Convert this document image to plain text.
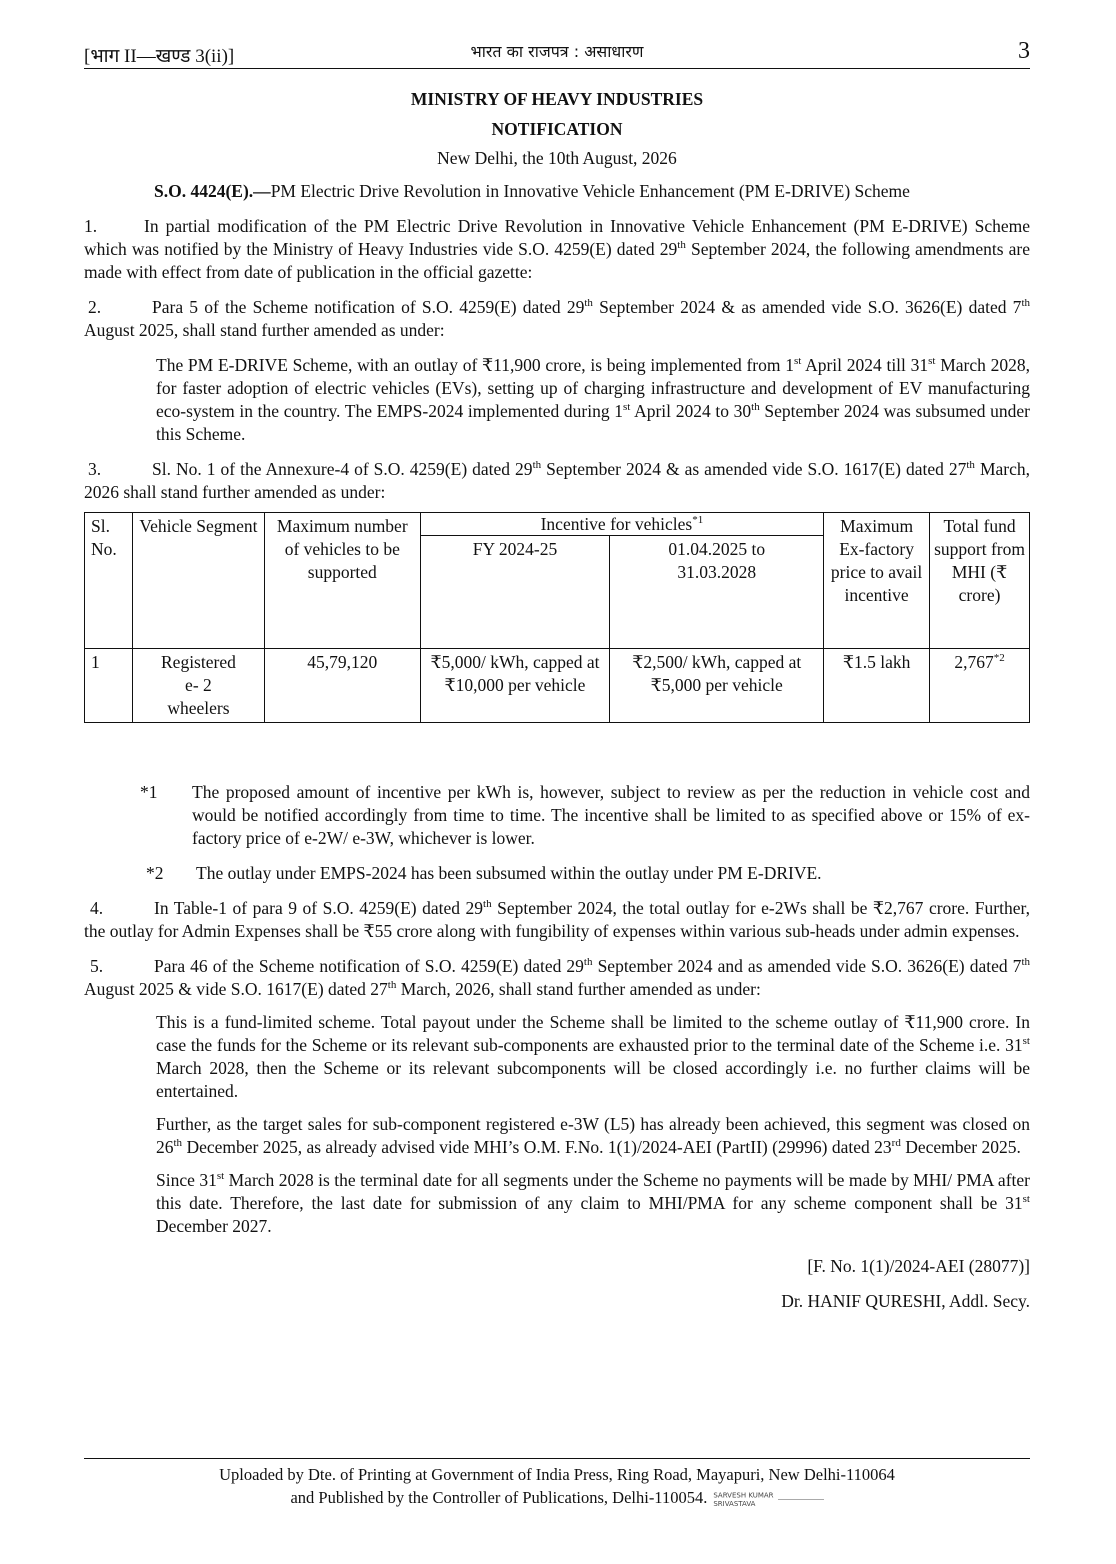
[भाग II—खण्ड 3(ii)]	भारत का राजपत्र : असाधारण	3
MINISTRY OF HEAVY INDUSTRIES
NOTIFICATION
New Delhi, the 10th August, 2026

S.O. 4424(E).—PM Electric Drive Revolution in Innovative Vehicle Enhancement (PM E-DRIVE) Scheme

1.	In partial modification of the PM Electric Drive Revolution in Innovative Vehicle Enhancement (PM E-DRIVE) Scheme which was notified by the Ministry of Heavy Industries vide S.O. 4259(E) dated 29th September 2024, the following amendments are made with effect from date of publication in the official gazette:

2.	Para 5 of the Scheme notification of S.O. 4259(E) dated 29th September 2024 & as amended vide S.O. 3626(E) dated 7th August 2025, shall stand further amended as under:

The PM E-DRIVE Scheme, with an outlay of ₹11,900 crore, is being implemented from 1st April 2024 till 31st March 2028, for faster adoption of electric vehicles (EVs), setting up of charging infrastructure and development of EV manufacturing eco-system in the country. The EMPS-2024 implemented during 1st April 2024 to 30th September 2024 was subsumed under this Scheme.

3.	Sl. No. 1 of the Annexure-4 of S.O. 4259(E) dated 29th September 2024 & as amended vide S.O. 1617(E) dated 27th March, 2026 shall stand further amended as under:

Sl. No.	Vehicle Segment	Maximum number of vehicles to be supported	Incentive for vehicles$^{*1}$		Maximum Ex-factory price to avail incentive	Total fund support from MHI (₹ crore)
			FY 2024-25	01.04.2025 to 31.03.2028		
1	Registered e- 2 wheelers	45,79,120	₹5,000/ kWh, capped at ₹10,000 per vehicle	₹2,500/ kWh, capped at ₹5,000 per vehicle	₹1.5 lakh	2,767$^{*2}$

*1 The proposed amount of incentive per kWh is, however, subject to review as per the reduction in vehicle cost and would be notified accordingly from time to time. The incentive shall be limited to as specified above or 15% of ex-factory price of e-2W/ e-3W, whichever is lower.

*2 The outlay under EMPS-2024 has been subsumed within the outlay under PM E-DRIVE.

4.	In Table-1 of para 9 of S.O. 4259(E) dated 29th September 2024, the total outlay for e-2Ws shall be ₹2,767 crore. Further, the outlay for Admin Expenses shall be ₹55 crore along with fungibility of expenses within various sub-heads under admin expenses.

5.	Para 46 of the Scheme notification of S.O. 4259(E) dated 29th September 2024 and as amended vide S.O. 3626(E) dated 7th August 2025 & vide S.O. 1617(E) dated 27th March, 2026, shall stand further amended as under:

This is a fund-limited scheme. Total payout under the Scheme shall be limited to the scheme outlay of ₹11,900 crore. In case the funds for the Scheme or its relevant sub-components are exhausted prior to the terminal date of the Scheme i.e. 31st March 2028, then the Scheme or its relevant subcomponents will be closed accordingly i.e. no further claims will be entertained.

Further, as the target sales for sub-component registered e-3W (L5) has already been achieved, this segment was closed on 26th December 2025, as already advised vide MHI’s O.M. F.No. 1(1)/2024-AEI (PartII) (29996) dated 23rd December 2025.

Since 31st March 2028 is the terminal date for all segments under the Scheme no payments will be made by MHI/ PMA after this date. Therefore, the last date for submission of any claim to MHI/PMA for any scheme component shall be 31st December 2027.

[F. No. 1(1)/2024-AEI (28077)]
Dr. HANIF QURESHI, Addl. Secy.
Uploaded by Dte. of Printing at Government of India Press, Ring Road, Mayapuri, New Delhi-110064
and Published by the Controller of Publications, Delhi-110054. SARVESH KUMAR
SRIVASTAVA
